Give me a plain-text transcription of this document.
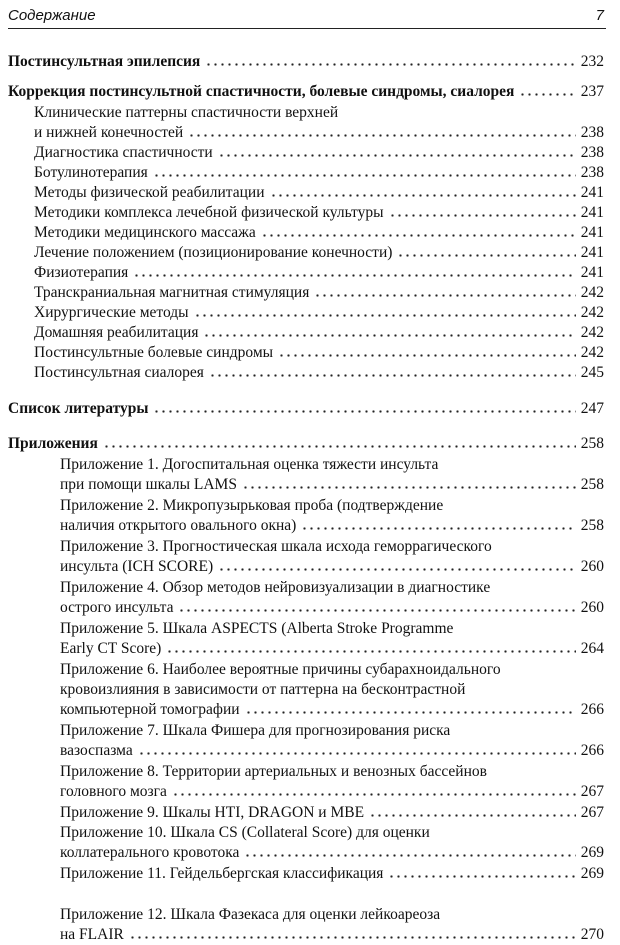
Содержание	7
Постинсультная эпилепсия	232
Коррекция постинсультной спастичности, болевые синдромы, сиалорея	237
Клинические паттерны спастичности верхней
и нижней конечностей	238
Диагностика спастичности	238
Ботулинотерапия	238
Методы физической реабилитации	241
Методики комплекса лечебной физической культуры	241
Методики медицинского массажа	241
Лечение положением (позиционирование конечности)	241
Физиотерапия	241
Транскраниальная магнитная стимуляция	242
Хирургические методы	242
Домашняя реабилитация	242
Постинсультные болевые синдромы	242
Постинсультная сиалорея	245
Список литературы	247
Приложения	258
Приложение 1. Догоспитальная оценка тяжести инсульта
при помощи шкалы LAMS	258
Приложение 2. Микропузырьковая проба (подтверждение
наличия открытого овального окна)	258
Приложение 3. Прогностическая шкала исхода геморрагического
инсульта (ICH SCORE)	260
Приложение 4. Обзор методов нейровизуализации в диагностике
острого инсульта	260
Приложение 5. Шкала ASPECTS (Alberta Stroke Programme
Early CT Score)	264
Приложение 6. Наиболее вероятные причины субарахноидального
кровоизлияния в зависимости от паттерна на бесконтрастной
компьютерной томографии	266
Приложение 7. Шкала Фишера для прогнозирования риска
вазоспазма	266
Приложение 8. Территории артериальных и венозных бассейнов
головного мозга	267
Приложение 9. Шкалы HTI, DRAGON и MBE	267
Приложение 10. Шкала CS (Collateral Score) для оценки
коллатерального кровотока	269
Приложение 11. Гейдельбергская классификация	269
Приложение 12. Шкала Фазекаса для оценки лейкоареоза
на FLAIR	270
